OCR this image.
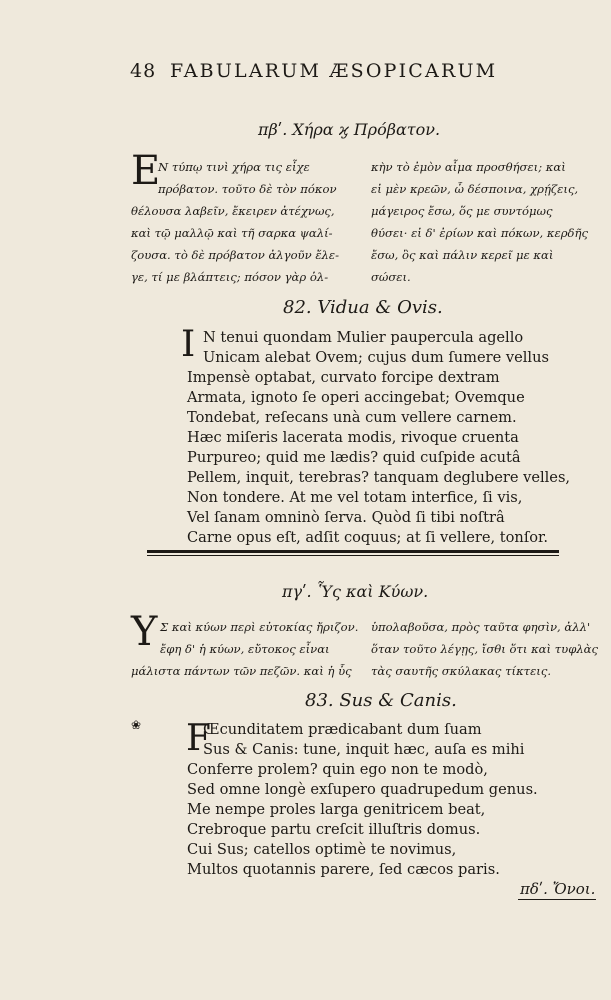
48 FABULARUM ÆSOPICARUM
πβʹ. Χήρα ϗ Πρόβατον.
E
N τύπῳ τινὶ χήρα τις εἶχε
πρόβατον. τοῦτο δὲ τὸν πόκον
θέλουσα λαβεῖν, ἔκειρεν ἀτέχνως,
καὶ τῷ μαλλῷ καὶ τῆ σαρκα ψαλί-
ζουσα. τὸ δὲ πρόβατον ἀλγοῦν ἔλε-
γε, τί με βλάπτεις; πόσον γὰρ ὁλ-
κὴν τὸ ἐμὸν αἷμα προσθήσει; καὶ
εἰ μὲν κρεῶν, ὦ δέσποινα, χρῄζεις,
μάγειρος ἔσω, ὅς με συντόμως
θύσει· εἰ δ' ἐρίων καὶ πόκων, κερδῆς
ἔσω, ὃς καὶ πάλιν κερεῖ με καὶ
σώσει.
82. Vidua & Ovis.
I N tenui quondam Mulier paupercula agello
Unicam alebat Ovem; cujus dum ſumere vellus
Impensè optabat, curvato forcipe dextram
Armata, ignoto ſe operi accingebat; Ovemque
Tondebat, reſecans unà cum vellere carnem.
Hæc miſeris lacerata modis, rivoque cruenta
Purpureo; quid me lædis? quid cuſpide acutâ
Pellem, inquit, terebras? tanquam deglubere velles,
Non tondere. At me vel totam interfice, ſi vis,
Vel ſanam omninò ſerva. Quòd ſi tibi noſtrâ
Carne opus eſt, adſit coquus; at ſi vellere, tonſor.
πγʹ. Ὗς καὶ Κύων.
Y Σ καὶ κύων περὶ εὐτοκίας ἤριζον.
ἔφη δ' ἡ κύων, εὔτοκος εἶναι
μάλιστα πάντων τῶν πεζῶν. καὶ ἡ ὗς
ὑπολαβοῦσα, πρὸς ταῦτα φησὶν, ἀλλ'
ὅταν τοῦτο λέγῃς, ἴσθι ὅτι καὶ τυφλὰς
τὰς σαυτῆς σκύλακας τίκτεις.
83. Sus & Canis.
❀ F
Œcunditatem prædicabant dum ſuam
Sus & Canis: tune, inquit hæc, auſa es mihi
Conferre prolem? quin ego non te modò,
Sed omne longè exſupero quadrupedum genus.
Me nempe proles larga genitricem beat,
Crebroque partu creſcit illuſtris domus.
Cui Sus; catellos optimè te novimus,
Multos quotannis parere, ſed cæcos paris.
πδʹ. Ὄνοι.
